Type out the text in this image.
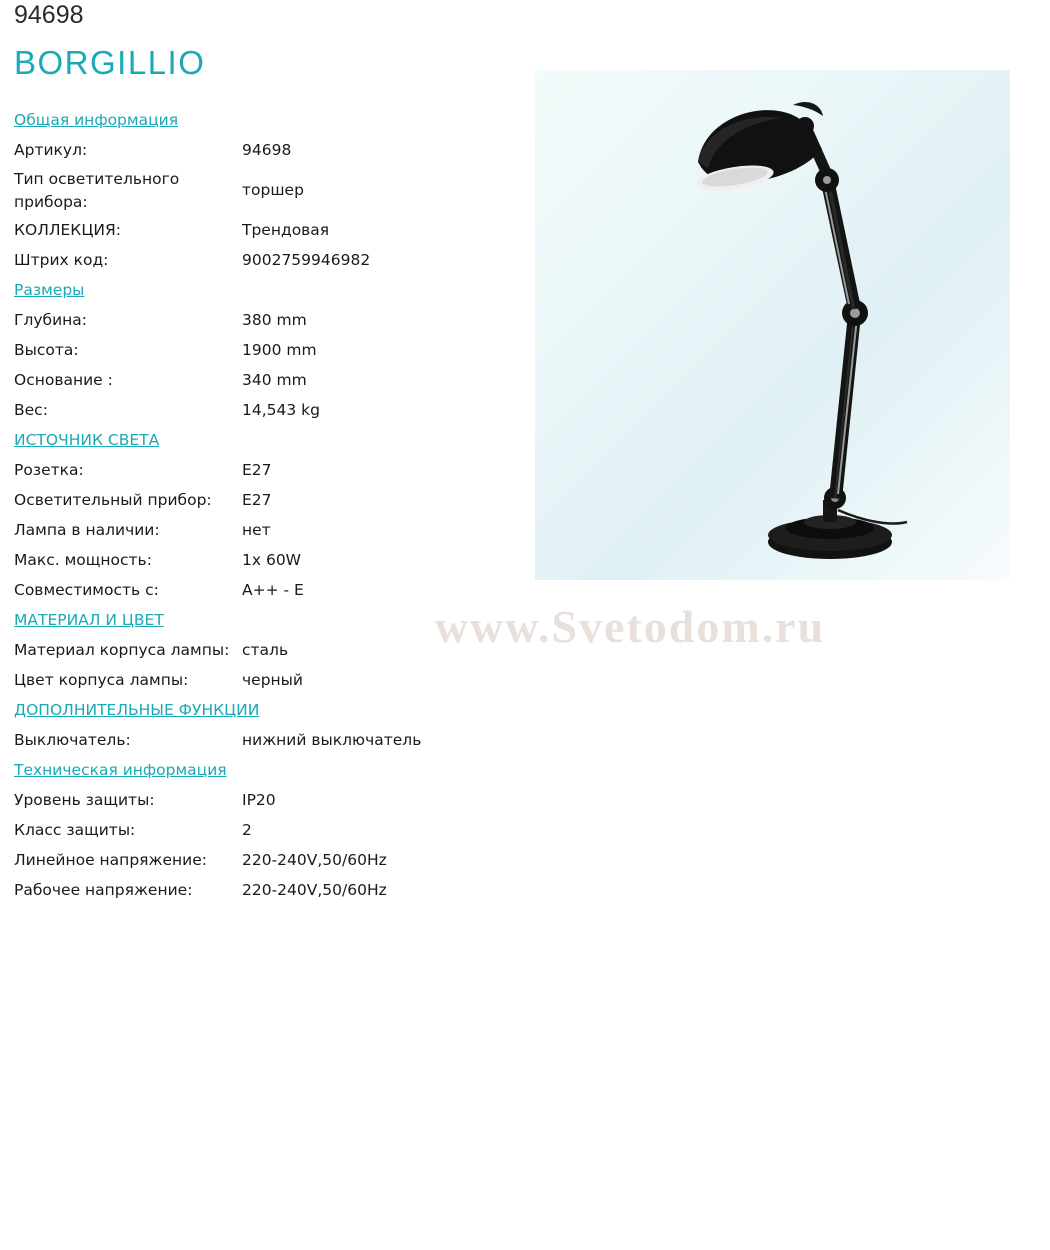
94698
BORGILLIO
Общая информация
Артикул:	94698
Тип осветительного прибора:
торшер
КОЛЛЕКЦИЯ:	Трендовая
Штрих код:	9002759946982
Размеры
Глубина:	380 mm
Высота:	1900 mm
Основание :	340 mm
Вес:	14,543 kg
ИСТОЧНИК СВЕТА
Розетка:	E27
Осветительный прибор:	E27
Лампа в наличии:	нет
Макс. мощность:	1x 60W
Совместимость с:	A++ - E
МАТЕРИАЛ И ЦВЕТ
Материал корпуса лампы: сталь
Цвет корпуса лампы:	черный
ДОПОЛНИТЕЛЬНЫЕ ФУНКЦИИ
Выключатель:	нижний выключатель
Техническая информация
Уровень защиты:	IP20
Класс защиты:	2
Линейное напряжение:	220-240V,50/60Hz
Рабочее напряжение:	220-240V,50/60Hz
www.Svetodom.ru
